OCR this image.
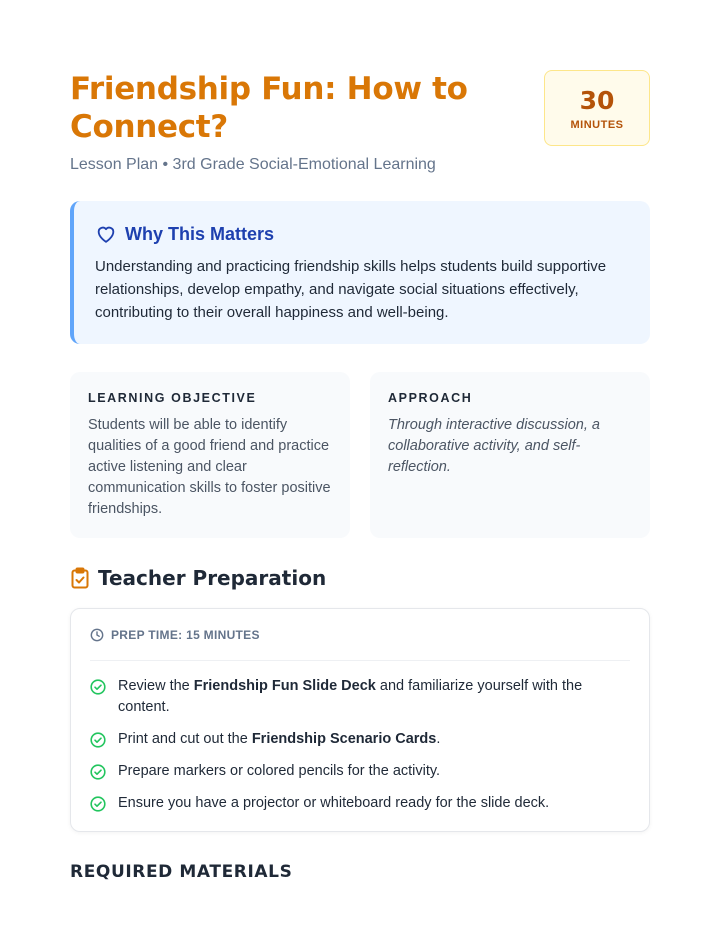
Friendship Fun: How to Connect?
Lesson Plan • 3rd Grade Social-Emotional Learning
30
MINUTES
Why This Matters

Understanding and practicing friendship skills helps students build supportive relationships, develop empathy, and navigate social situations effectively, contributing to their overall happiness and well-being.

LEARNING OBJECTIVE

Students will be able to identify qualities of a good friend and practice active listening and clear communication skills to foster positive friendships.

APPROACH

Through interactive discussion, a collaborative activity, and self-reflection.

Teacher Preparation
PREP TIME: 15 MINUTES
Review the Friendship Fun Slide Deck and familiarize yourself with the content.
Print and cut out the Friendship Scenario Cards.
Prepare markers or colored pencils for the activity.
Ensure you have a projector or whiteboard ready for the slide deck.
REQUIRED MATERIALS
